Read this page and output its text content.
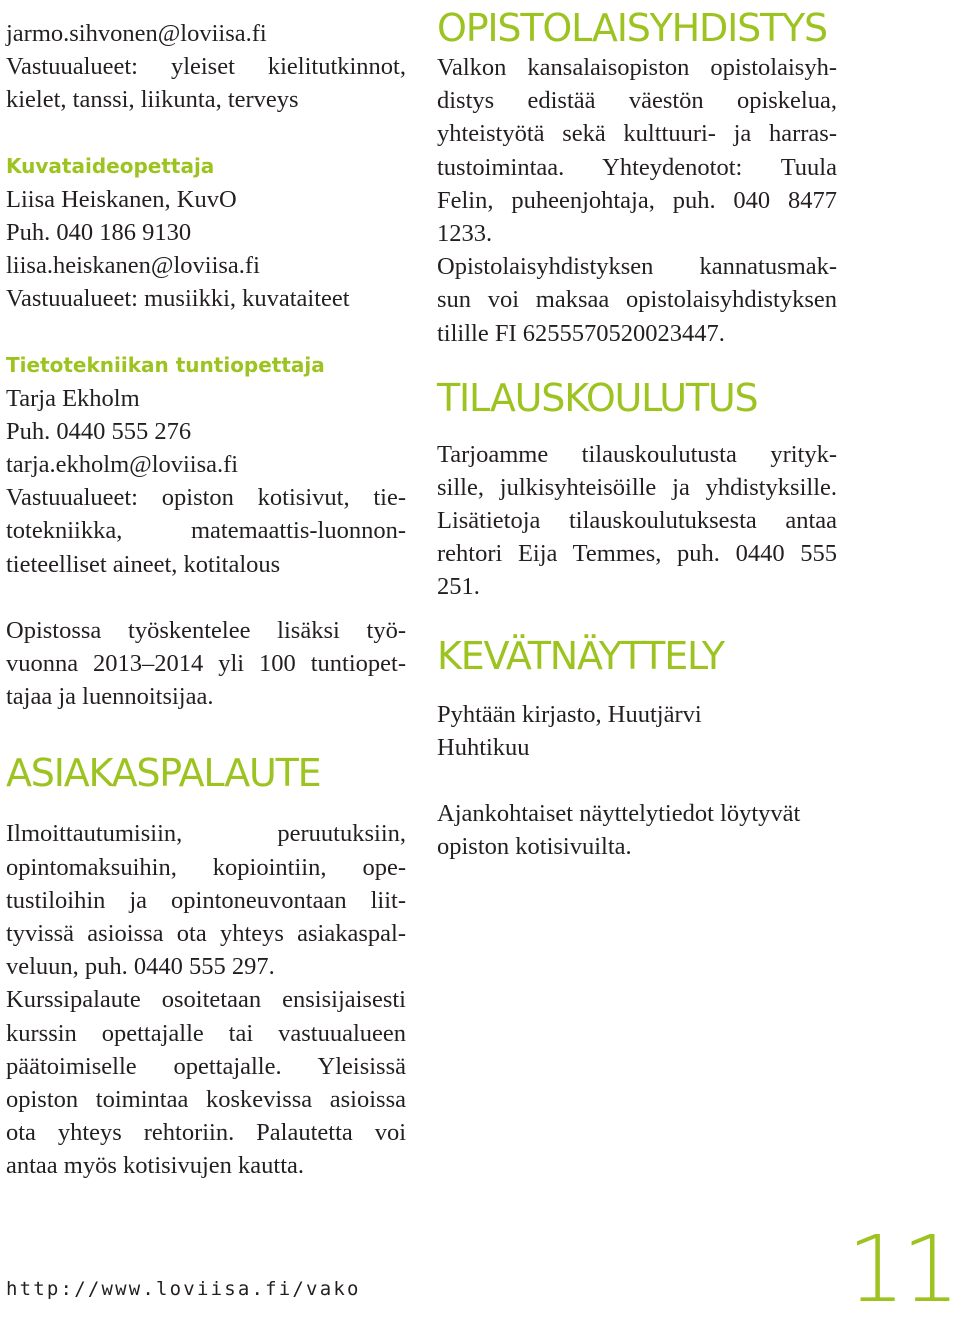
jarmo.sihvonen@loviisa.fi
Vastuualueet: yleiset kielitutkinnot,
kielet, tanssi, liikunta, terveys
Kuvataideopettaja
Liisa Heiskanen, KuvO
Puh. 040 186 9130
liisa.heiskanen@loviisa.fi
Vastuualueet: musiikki, kuvataiteet
Tietotekniikan tuntiopettaja
Tarja Ekholm
Puh. 0440 555 276
tarja.ekholm@loviisa.fi
Vastuualueet: opiston kotisivut, tie-
totekniikka, matemaattis-luonnon-
tieteelliset aineet, kotitalous
Opistossa työskentelee lisäksi työ-
vuonna 2013–2014 yli 100 tuntiopet-
tajaa ja luennoitsijaa.
ASIAKASPALAUTE
Ilmoittautumisiin, peruutuksiin,
opintomaksuihin, kopiointiin, ope-
tustiloihin ja opintoneuvontaan liit-
tyvissä asioissa ota yhteys asiakaspal-
veluun, puh. 0440 555 297.
Kurssipalaute osoitetaan ensisijaisesti
kurssin opettajalle tai vastuualueen
päätoimiselle opettajalle. Yleisissä
opiston toimintaa koskevissa asioissa
ota yhteys rehtoriin. Palautetta voi
antaa myös kotisivujen kautta.
OPISTOLAISYHDISTYS
Valkon kansalaisopiston opistolaisyh-
distys edistää väestön opiskelua,
yhteistyötä sekä kulttuuri- ja harras-
tustoimintaa. Yhteydenotot: Tuula
Felin, puheenjohtaja, puh. 040 8477
1233.
Opistolaisyhdistyksen kannatusmak-
sun voi maksaa opistolaisyhdistyksen
tilille FI 6255570520023447.
TILAUSKOULUTUS
Tarjoamme tilauskoulutusta yrityk-
sille, julkisyhteisöille ja yhdistyksille.
Lisätietoja tilauskoulutuksesta antaa
rehtori Eija Temmes, puh. 0440 555
251.
KEVÄTNÄYTTELY
Pyhtään kirjasto, Huutjärvi
Huhtikuu
Ajankohtaiset näyttelytiedot löytyvät
opiston kotisivuilta.
http://www.loviisa.fi/vako	11
